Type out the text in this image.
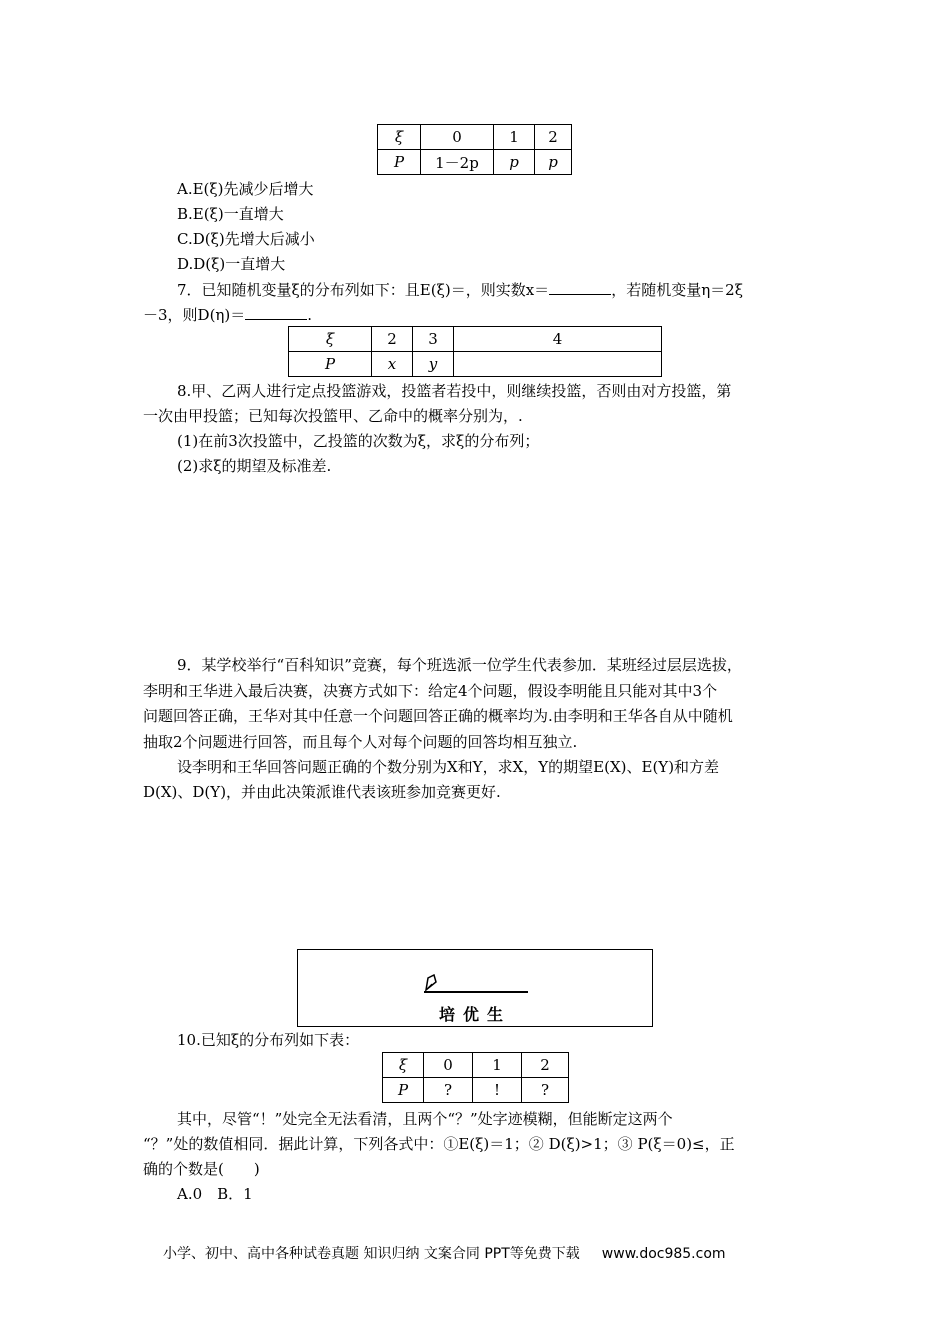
ξ	0	1	2
P	1－2p	p	p
A.E(ξ)先减少后增大
B.E(ξ)一直增大
C.D(ξ)先增大后减小
D.D(ξ)一直增大
7．已知随机变量ξ的分布列如下：且E(ξ)＝，则实数x＝	，若随机变量η＝2ξ
－3，则D(η)＝	.
ξ	2	3	4
P	x	y	
8.甲、乙两人进行定点投篮游戏，投篮者若投中，则继续投篮，否则由对方投篮，第
一次由甲投篮；已知每次投篮甲、乙命中的概率分别为，.
(1)在前3次投篮中，乙投篮的次数为ξ，求ξ的分布列；
(2)求ξ的期望及标准差.
9．某学校举行“百科知识”竞赛，每个班选派一位学生代表参加．某班经过层层选拔，
李明和王华进入最后决赛，决赛方式如下：给定4个问题，假设李明能且只能对其中3个
问题回答正确，王华对其中任意一个问题回答正确的概率均为.由李明和王华各自从中随机
抽取2个问题进行回答，而且每个人对每个问题的回答均相互独立.
设李明和王华回答问题正确的个数分别为X和Y，求X，Y的期望E(X)、E(Y)和方差
D(X)、D(Y)，并由此决策派谁代表该班参加竞赛更好.
培优生
10.已知ξ的分布列如下表：
ξ	0	1	2
P	?	!	?
其中，尽管“！”处完全无法看清，且两个“？”处字迹模糊，但能断定这两个
“？”处的数值相同．据此计算，下列各式中：①E(ξ)＝1；② D(ξ)>1；③ P(ξ＝0)≤，正
确的个数是(　　)
A.0　B．1
小学、初中、高中各种试卷真题 知识归纳 文案合同 PPT等免费下载 www.doc985.com
